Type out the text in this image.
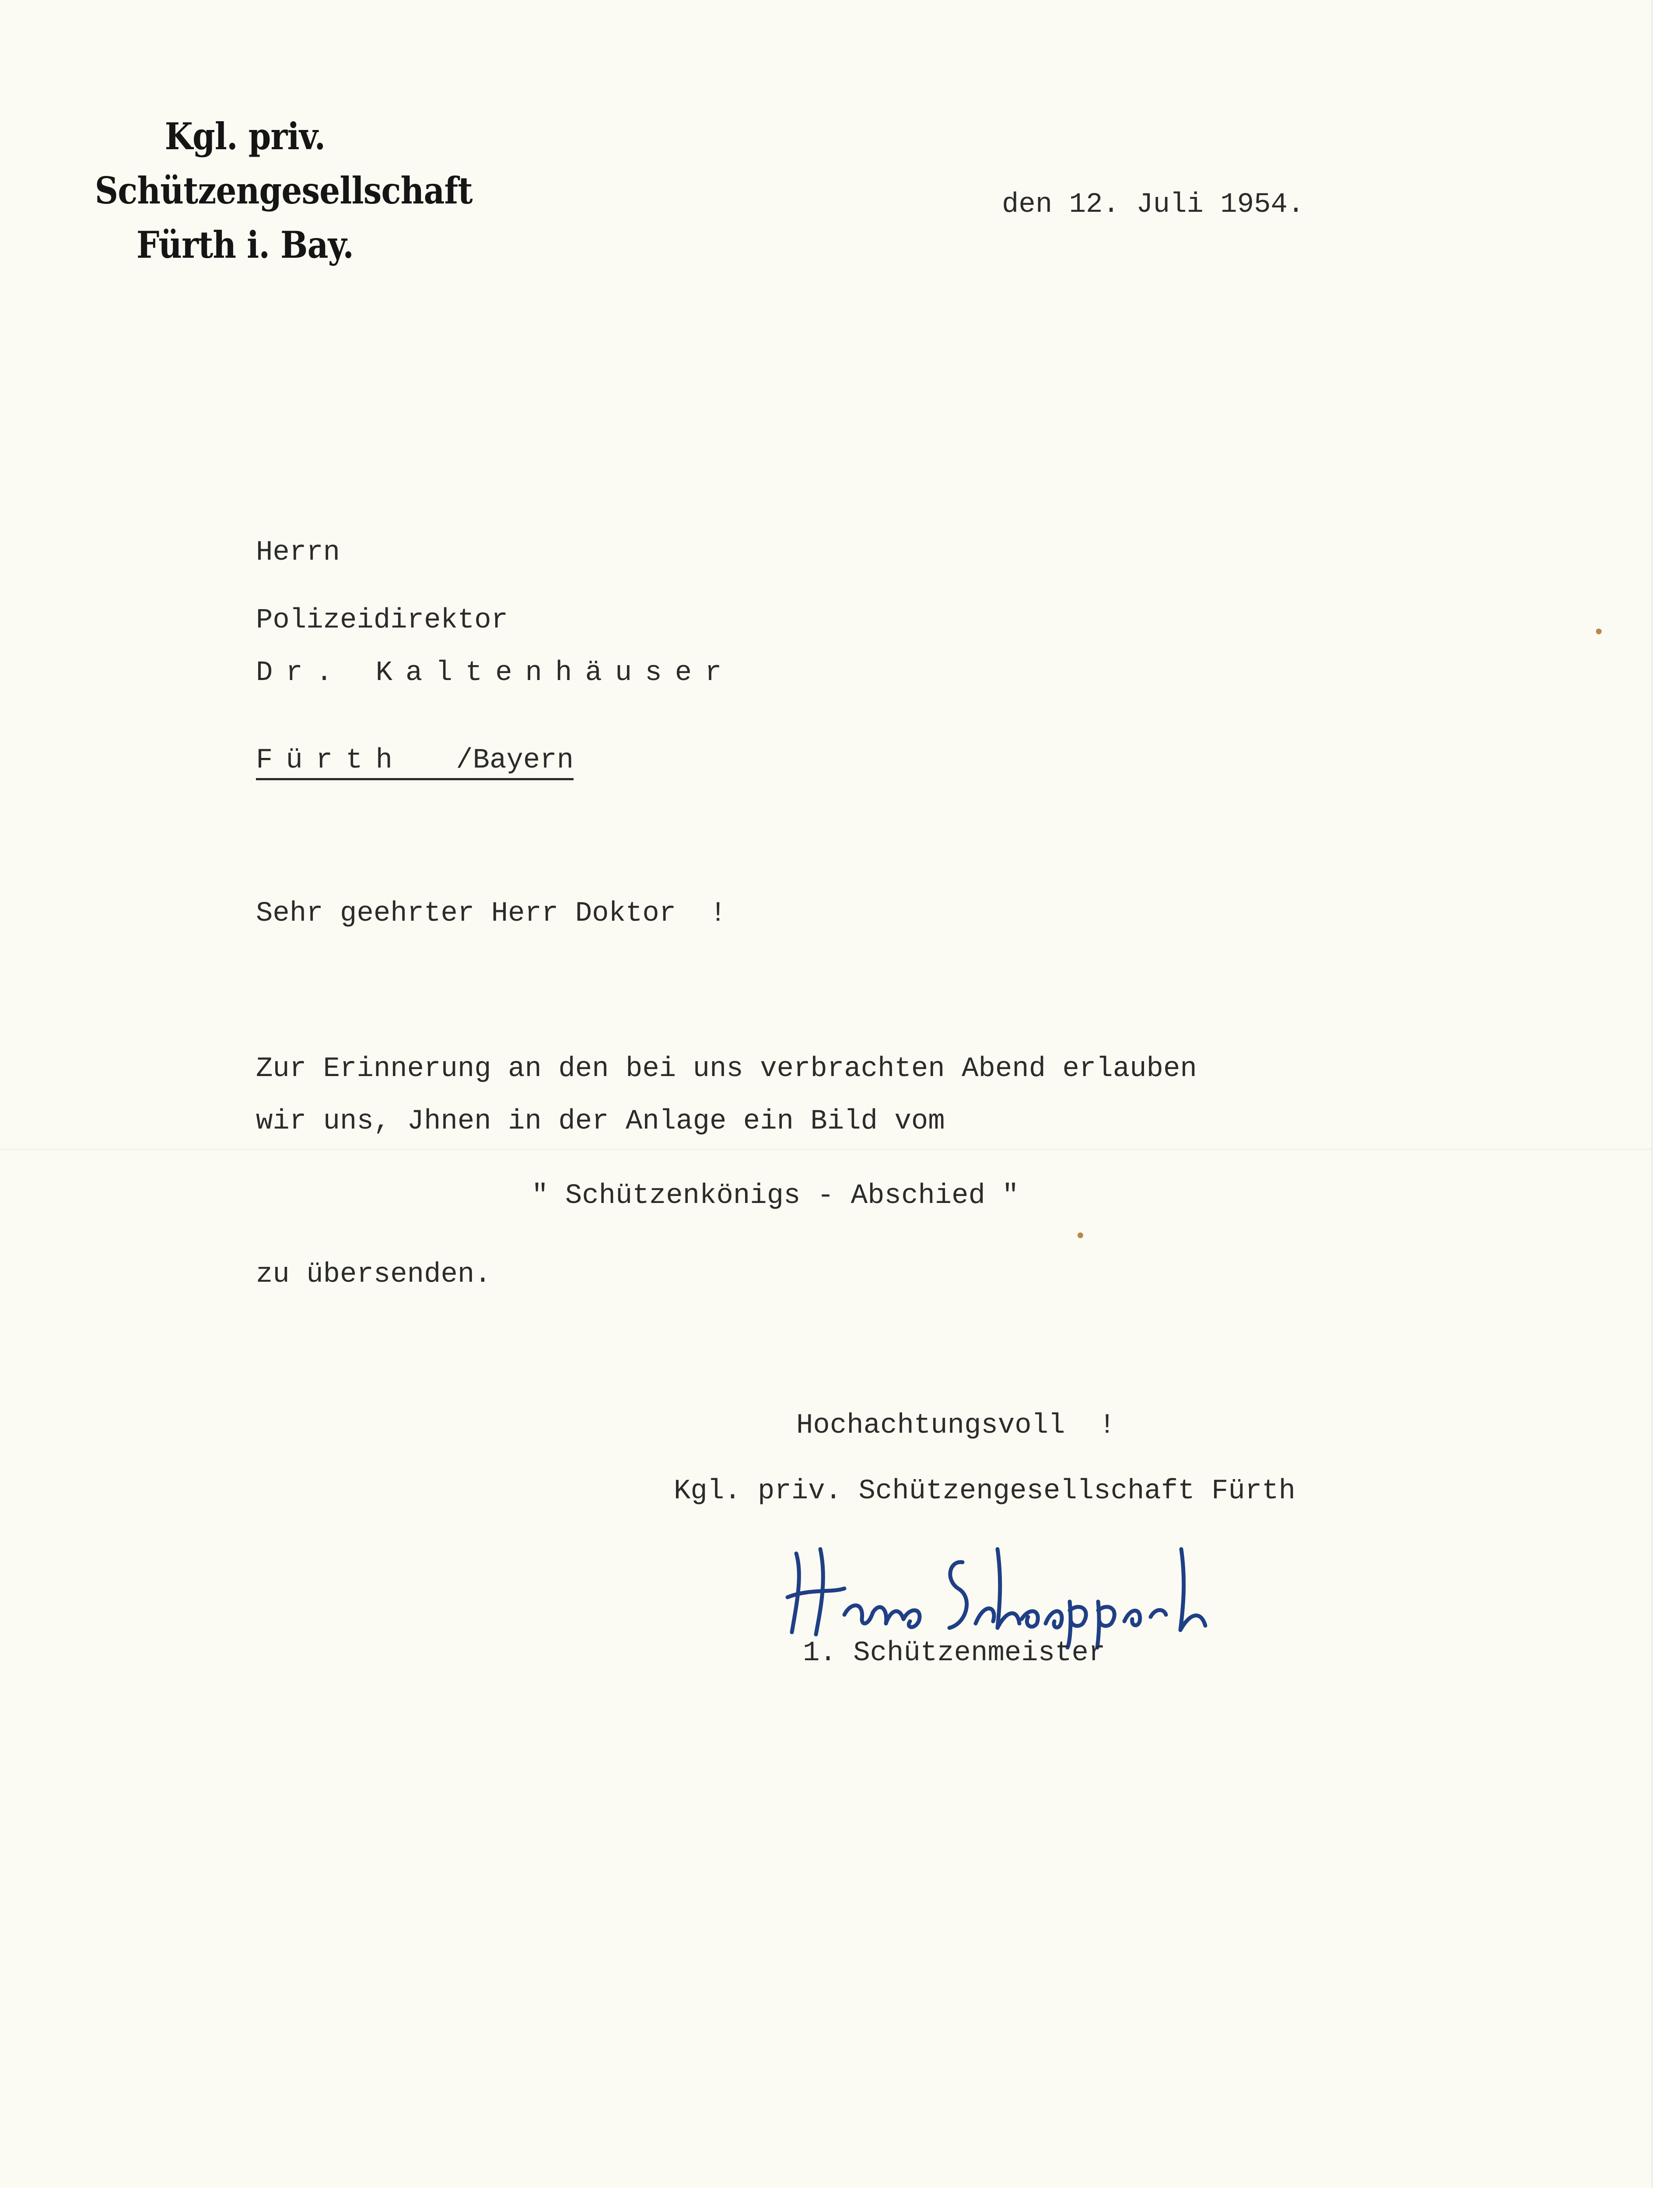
Kgl. priv.
Schützengesellschaft
Fürth i. Bay.
den 12. Juli 1954.
Herrn
Polizeidirektor
Dr. Kaltenhäuser
Fürth /Bayern
Sehr geehrter Herr Doktor  !
Zur Erinnerung an den bei uns verbrachten Abend erlauben
wir uns, Jhnen in der Anlage ein Bild vom
" Schützenkönigs - Abschied "
zu übersenden.
Hochachtungsvoll  !
Kgl. priv. Schützengesellschaft Fürth
1. Schützenmeister
•
•
